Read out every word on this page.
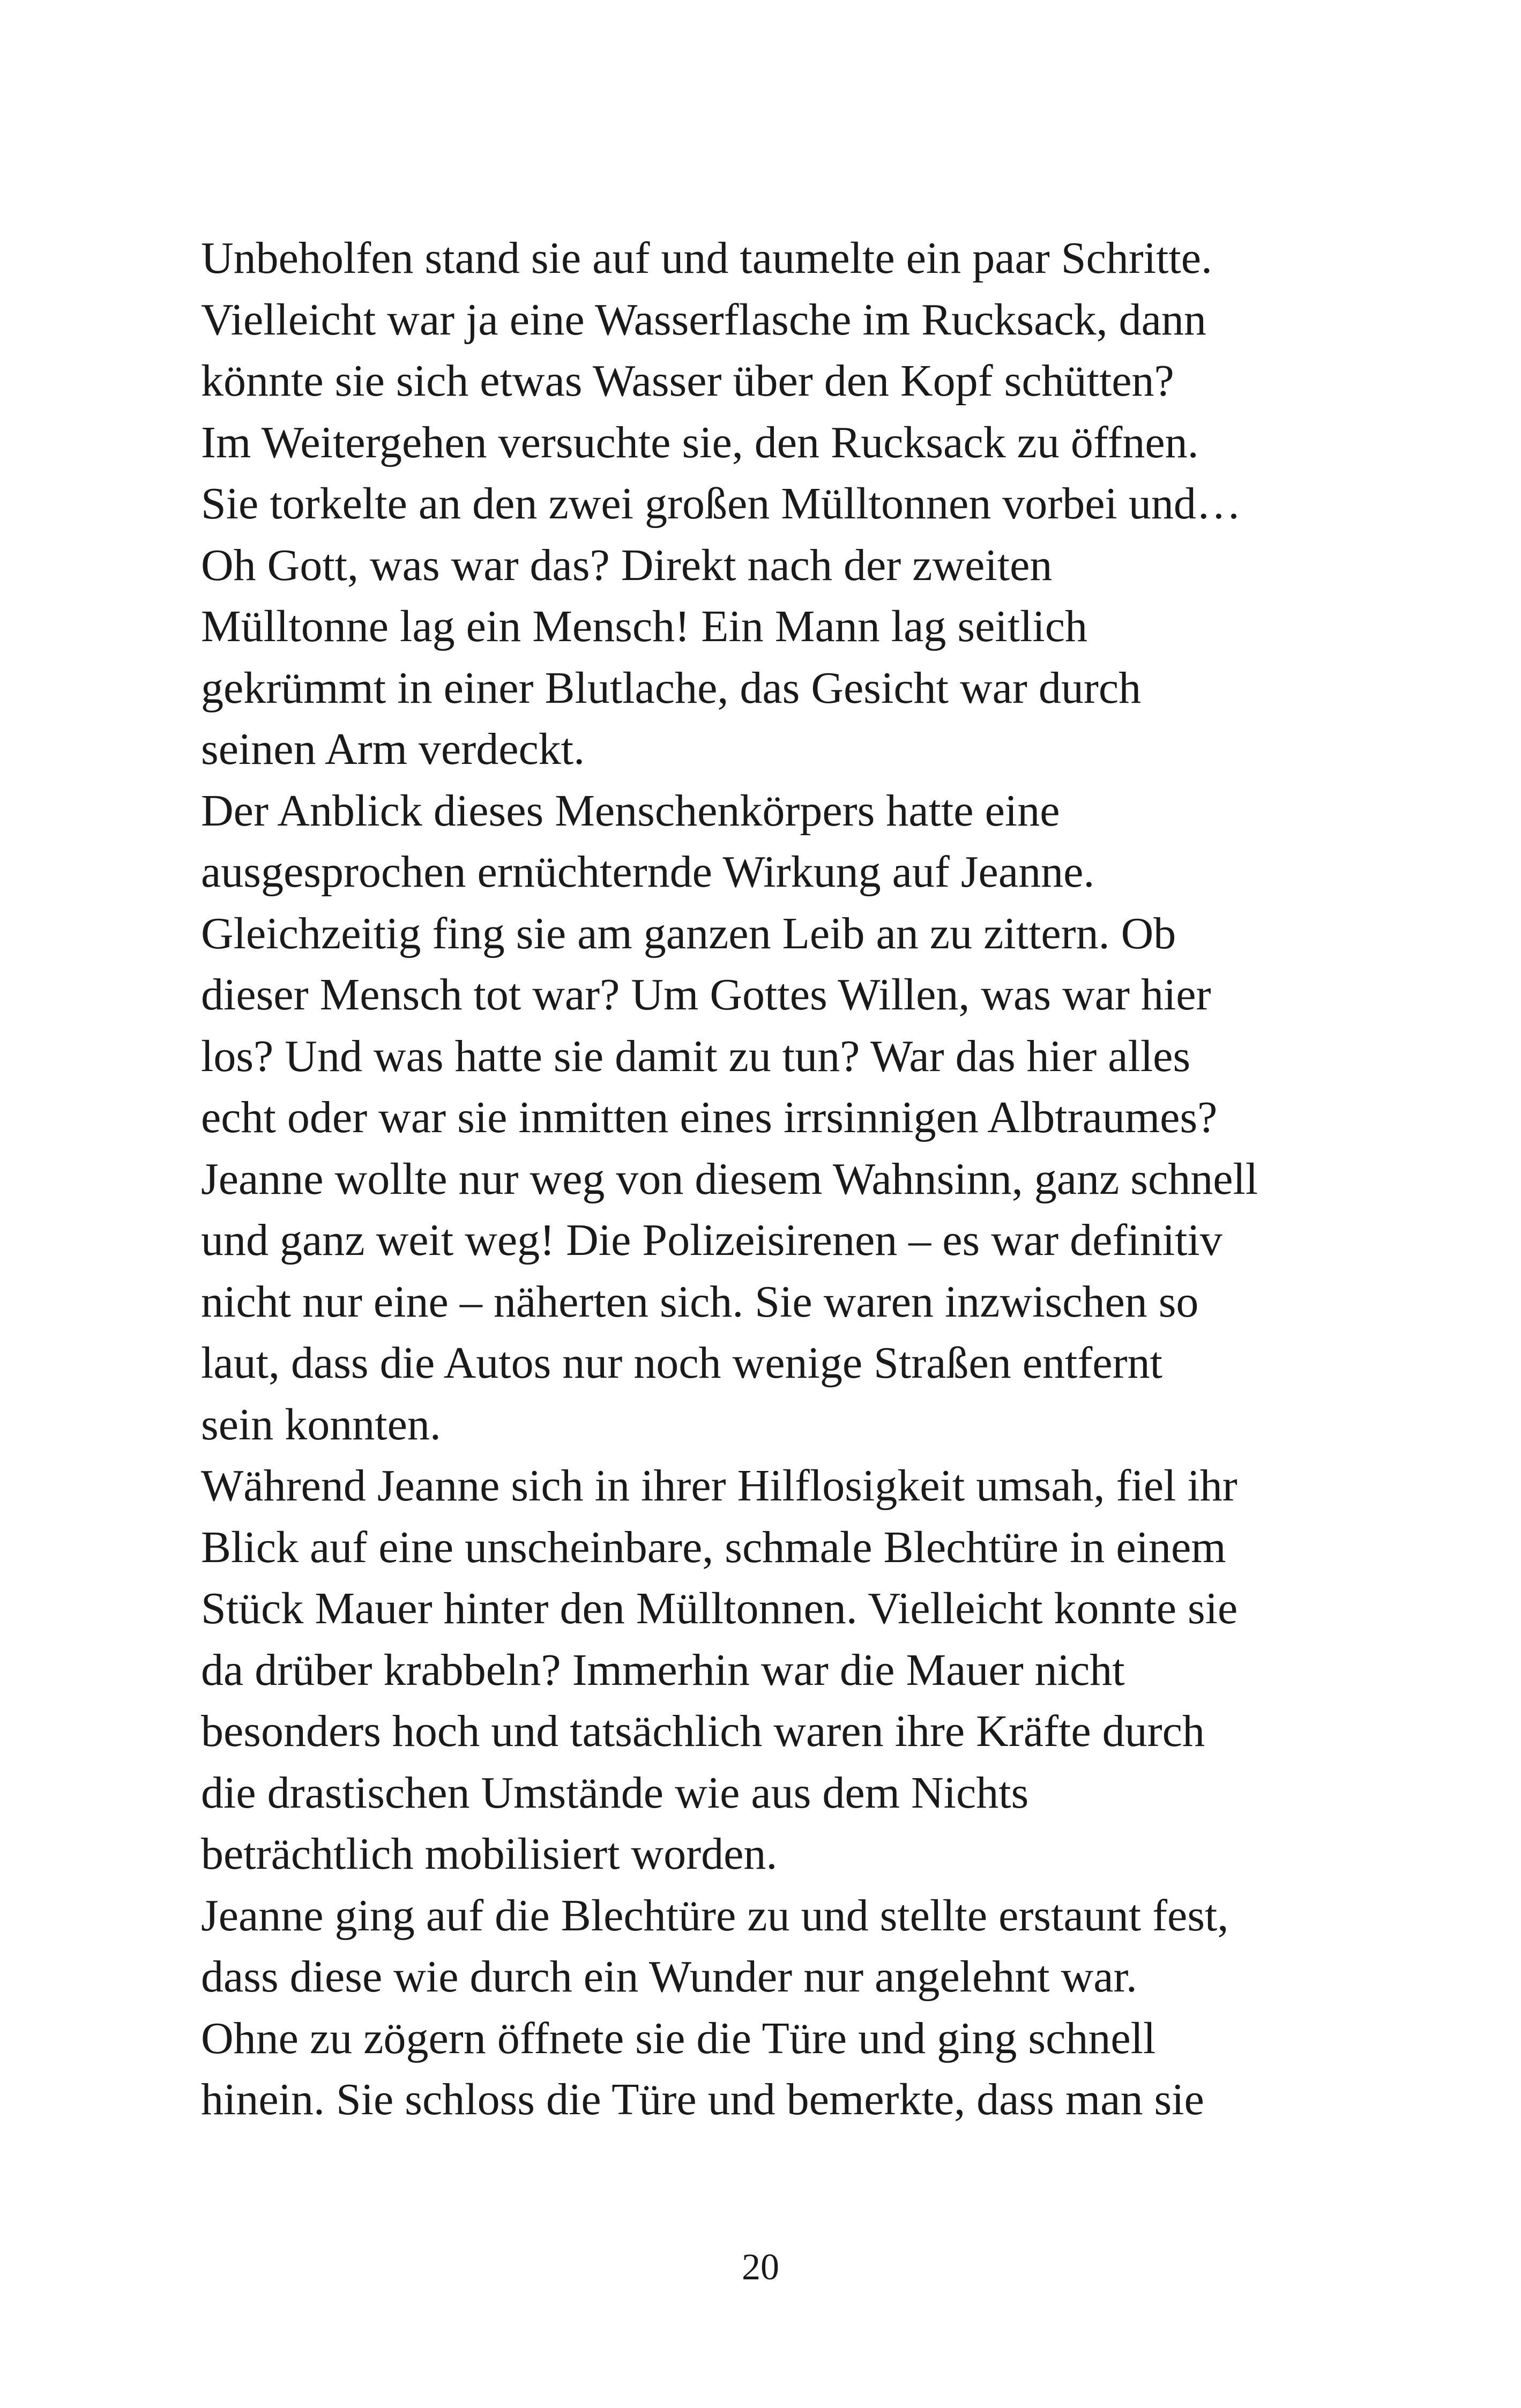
Unbeholfen stand sie auf und taumelte ein paar Schritte.
Vielleicht war ja eine Wasserflasche im Rucksack, dann
könnte sie sich etwas Wasser über den Kopf schütten?
Im Weitergehen versuchte sie, den Rucksack zu öffnen.
Sie torkelte an den zwei großen Mülltonnen vorbei und…
Oh Gott, was war das? Direkt nach der zweiten
Mülltonne lag ein Mensch! Ein Mann lag seitlich
gekrümmt in einer Blutlache, das Gesicht war durch
seinen Arm verdeckt.
Der Anblick dieses Menschenkörpers hatte eine
ausgesprochen ernüchternde Wirkung auf Jeanne.
Gleichzeitig fing sie am ganzen Leib an zu zittern. Ob
dieser Mensch tot war? Um Gottes Willen, was war hier
los? Und was hatte sie damit zu tun? War das hier alles
echt oder war sie inmitten eines irrsinnigen Albtraumes?
Jeanne wollte nur weg von diesem Wahnsinn, ganz schnell
und ganz weit weg! Die Polizeisirenen – es war definitiv
nicht nur eine – näherten sich. Sie waren inzwischen so
laut, dass die Autos nur noch wenige Straßen entfernt
sein konnten.
Während Jeanne sich in ihrer Hilflosigkeit umsah, fiel ihr
Blick auf eine unscheinbare, schmale Blechtüre in einem
Stück Mauer hinter den Mülltonnen. Vielleicht konnte sie
da drüber krabbeln? Immerhin war die Mauer nicht
besonders hoch und tatsächlich waren ihre Kräfte durch
die drastischen Umstände wie aus dem Nichts
beträchtlich mobilisiert worden.
Jeanne ging auf die Blechtüre zu und stellte erstaunt fest,
dass diese wie durch ein Wunder nur angelehnt war.
Ohne zu zögern öffnete sie die Türe und ging schnell
hinein. Sie schloss die Türe und bemerkte, dass man sie
20
